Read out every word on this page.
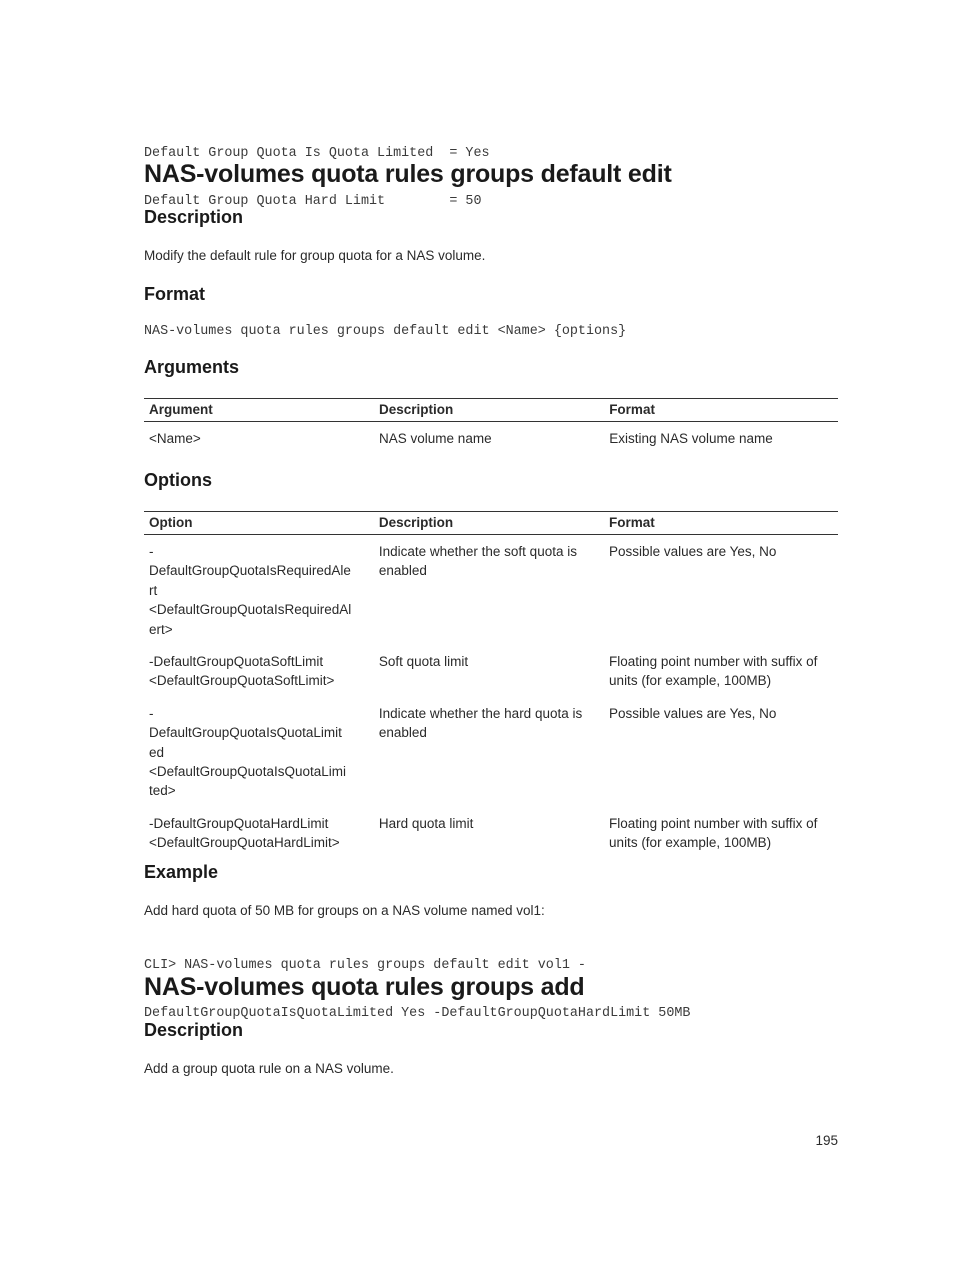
Default Group Quota Is Quota Limited  = Yes

Default Group Quota Hard Limit        = 50

NAS-volumes quota rules groups default edit
Description

Modify the default rule for group quota for a NAS volume.

Format
NAS-volumes quota rules groups default edit <Name> {options}
Arguments
Argument	Description	Format
<Name>	NAS volume name	Existing NAS volume name
Options
Option	Description	Format

-
DefaultGroupQuotaIsRequiredAle
rt
<DefaultGroupQuotaIsRequiredAl
ert>	Indicate whether the soft quota is enabled	Possible values are Yes, No

-DefaultGroupQuotaSoftLimit
<DefaultGroupQuotaSoftLimit>	Soft quota limit	Floating point number with suffix of units (for example, 100MB)

-
DefaultGroupQuotaIsQuotaLimit
ed
<DefaultGroupQuotaIsQuotaLimi
ted>	Indicate whether the hard quota is enabled	Possible values are Yes, No

-DefaultGroupQuotaHardLimit
<DefaultGroupQuotaHardLimit>	Hard quota limit	Floating point number with suffix of units (for example, 100MB)
Example

Add hard quota of 50 MB for groups on a NAS volume named vol1:

CLI> NAS-volumes quota rules groups default edit vol1 -

DefaultGroupQuotaIsQuotaLimited Yes -DefaultGroupQuotaHardLimit 50MB

NAS-volumes quota rules groups add
Description

Add a group quota rule on a NAS volume.

195
